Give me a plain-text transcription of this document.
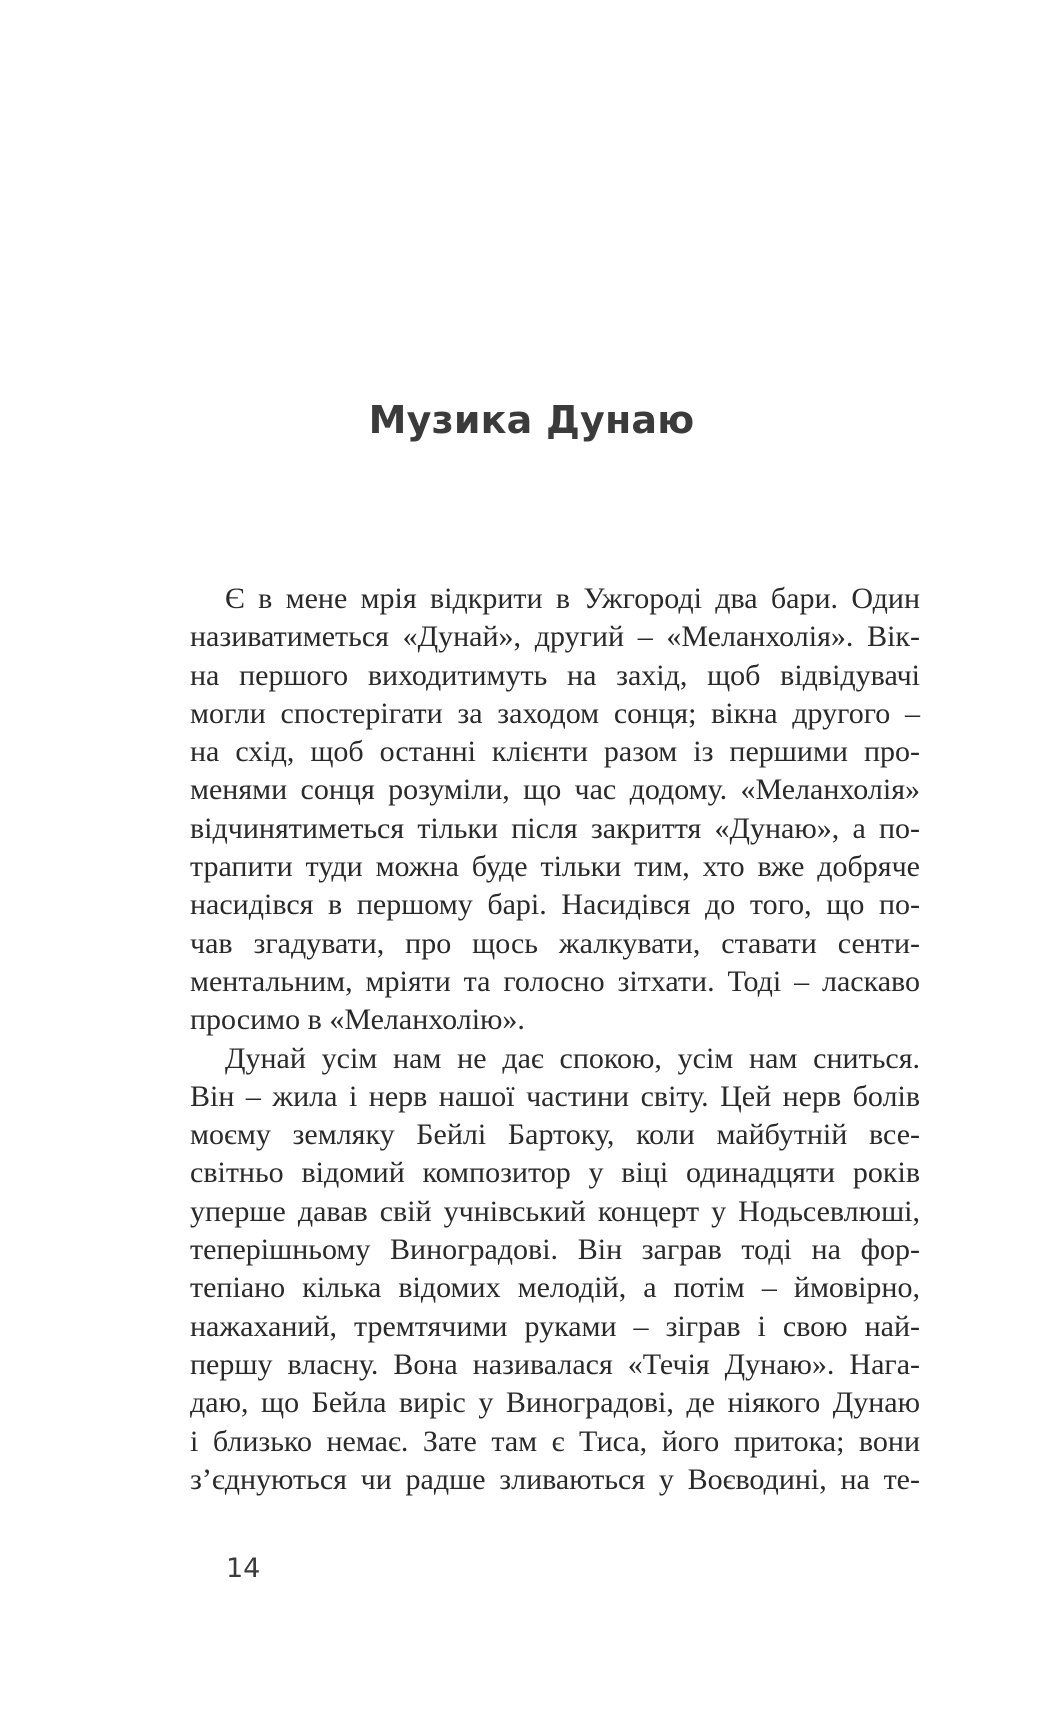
Музика Дунаю
Є в мене мрія відкрити в Ужгороді два бари. Один
називатиметься «Дунай», другий – «Меланхолія». Вік-
на першого виходитимуть на захід, щоб відвідувачі
могли спостерігати за заходом сонця; вікна другого –
на схід, щоб останні клієнти разом із першими про-
менями сонця розуміли, що час додому. «Меланхолія»
відчинятиметься тільки після закриття «Дунаю», а по-
трапити туди можна буде тільки тим, хто вже добряче
насидівся в першому барі. Насидівся до того, що по-
чав згадувати, про щось жалкувати, ставати сенти-
ментальним, мріяти та голосно зітхати. Тоді – ласкаво
просимо в «Меланхолію».
Дунай усім нам не дає спокою, усім нам сниться.
Він – жила і нерв нашої частини світу. Цей нерв болів
моєму земляку Бейлі Бартоку, коли майбутній все-
світньо відомий композитор у віці одинадцяти років
уперше давав свій учнівський концерт у Нодьсевлюші,
теперішньому Виноградові. Він заграв тоді на фор-
тепіано кілька відомих мелодій, а потім – ймовірно,
нажаханий, тремтячими руками – зіграв і свою най-
першу власну. Вона називалася «Течія Дунаю». Нага-
даю, що Бейла виріс у Виноградові, де ніякого Дунаю
і близько немає. Зате там є Тиса, його притока; вони
з’єднуються чи радше зливаються у Воєводині, на те-

14
